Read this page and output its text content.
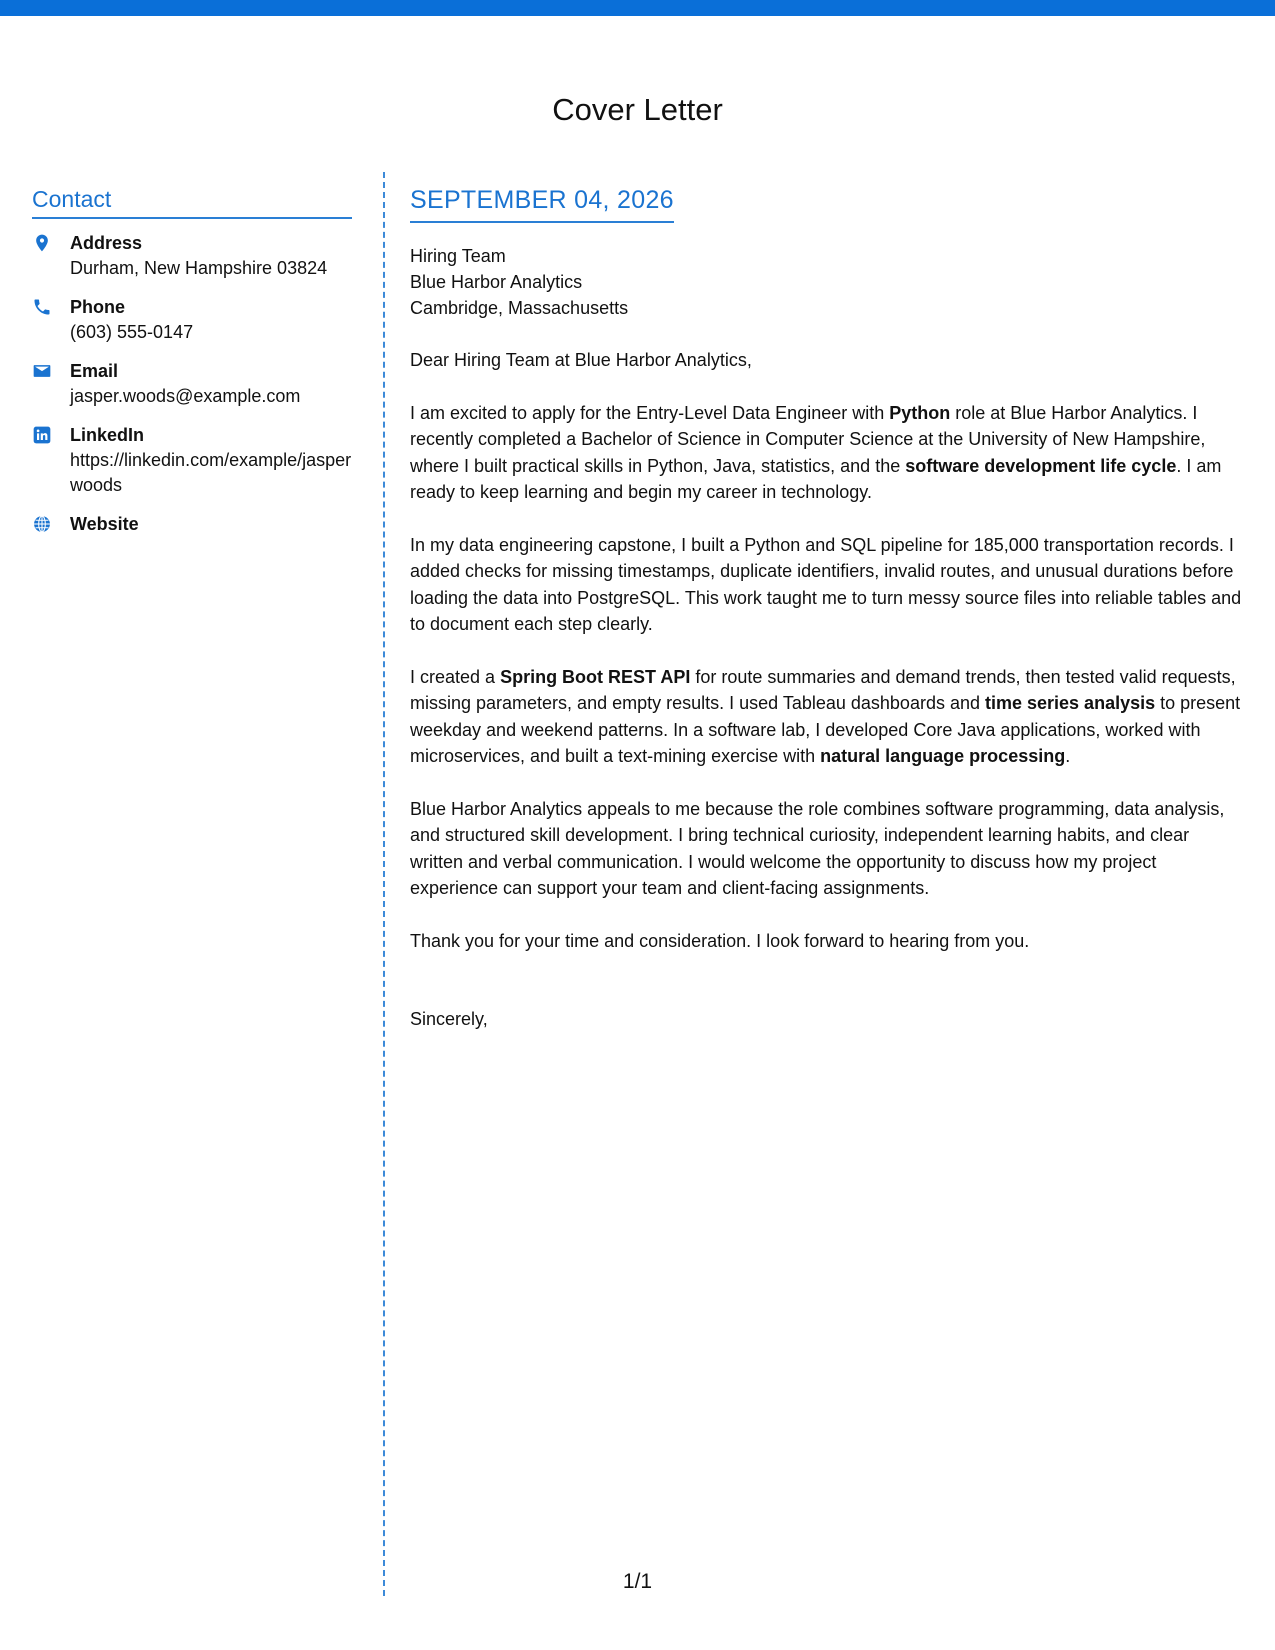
Cover Letter
Contact
Address
Durham, New Hampshire 03824
Phone
(603) 555-0147
Email
jasper.woods@example.com
LinkedIn
https://linkedin.com/example/jasperwoods
Website
SEPTEMBER 04, 2026
Hiring Team
Blue Harbor Analytics
Cambridge, Massachusetts

Dear Hiring Team at Blue Harbor Analytics,

I am excited to apply for the Entry-Level Data Engineer with Python role at Blue Harbor Analytics. I recently completed a Bachelor of Science in Computer Science at the University of New Hampshire, where I built practical skills in Python, Java, statistics, and the software development life cycle. I am ready to keep learning and begin my career in technology.

In my data engineering capstone, I built a Python and SQL pipeline for 185,000 transportation records. I added checks for missing timestamps, duplicate identifiers, invalid routes, and unusual durations before loading the data into PostgreSQL. This work taught me to turn messy source files into reliable tables and to document each step clearly.

I created a Spring Boot REST API for route summaries and demand trends, then tested valid requests, missing parameters, and empty results. I used Tableau dashboards and time series analysis to present weekday and weekend patterns. In a software lab, I developed Core Java applications, worked with microservices, and built a text-mining exercise with natural language processing.

Blue Harbor Analytics appeals to me because the role combines software programming, data analysis, and structured skill development. I bring technical curiosity, independent learning habits, and clear written and verbal communication. I would welcome the opportunity to discuss how my project experience can support your team and client-facing assignments.

Thank you for your time and consideration. I look forward to hearing from you.

Sincerely,
1/1
